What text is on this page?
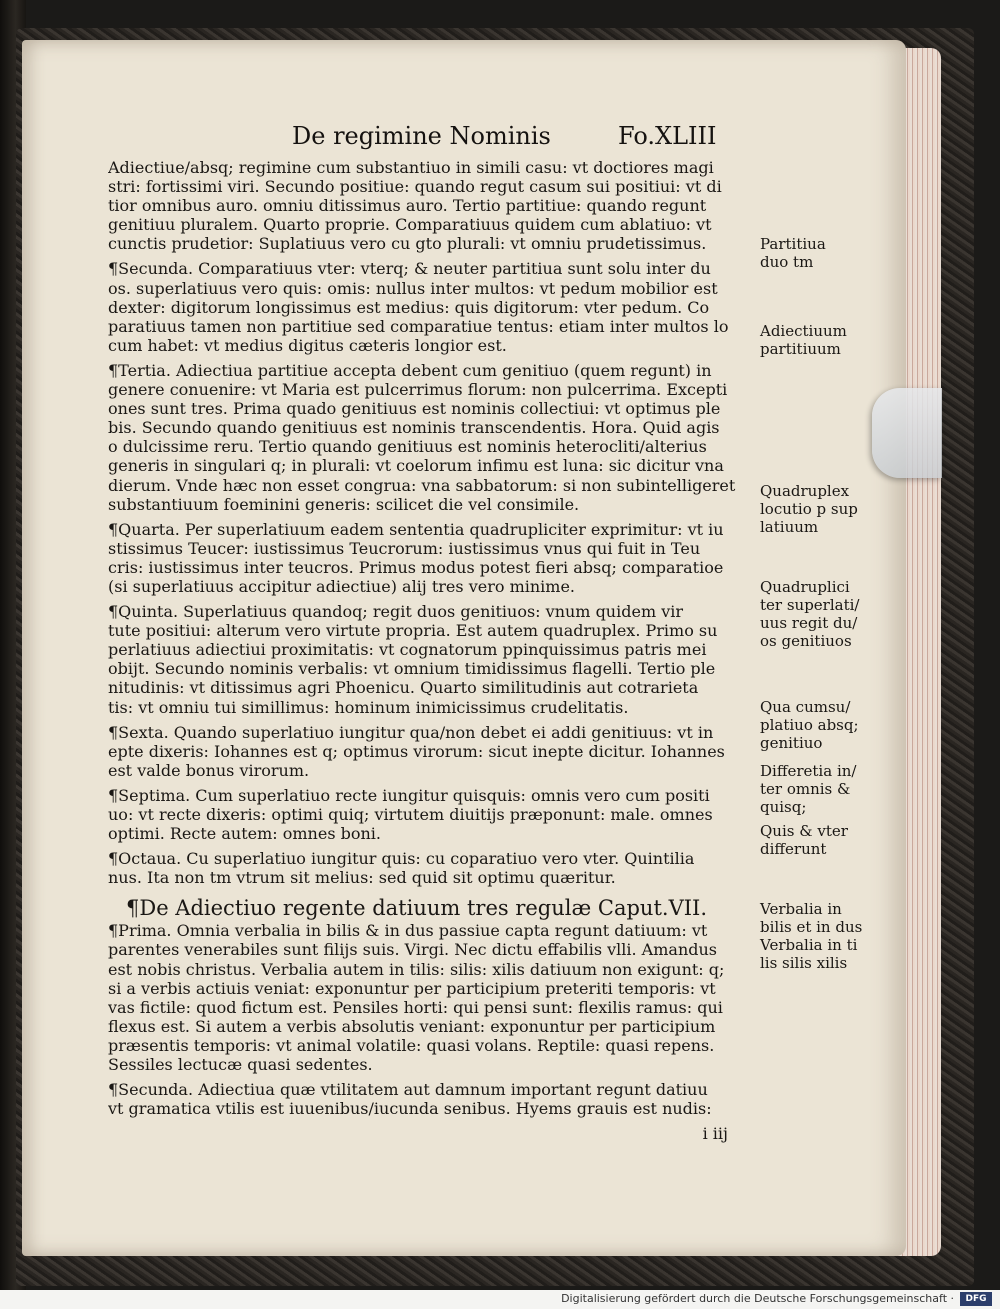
De regimine Nominis	Fo.XLIII
Adiectiue/absq; regimine cum substantiuo in simili casu: vt doctiores magi
stri: fortissimi viri. Secundo positiue: quando regut casum sui positiui: vt di
tior omnibus auro. omniu ditissimus auro. Tertio partitiue: quando regunt
genitiuu pluralem. Quarto proprie. Comparatiuus quidem cum ablatiuo: vt
cunctis prudetior: Suplatiuus vero cu gto plurali: vt omniu prudetissimus.
¶Secunda. Comparatiuus vter: vterq; & neuter partitiua sunt solu inter du
os. superlatiuus vero quis: omis: nullus inter multos: vt pedum mobilior est
dexter: digitorum longissimus est medius: quis digitorum: vter pedum. Co
paratiuus tamen non partitiue sed comparatiue tentus: etiam inter multos lo
cum habet: vt medius digitus cæteris longior est.
¶Tertia. Adiectiua partitiue accepta debent cum genitiuo (quem regunt) in
genere conuenire: vt Maria est pulcerrimus florum: non pulcerrima. Excepti
ones sunt tres. Prima quado genitiuus est nominis collectiui: vt optimus ple
bis. Secundo quando genitiuus est nominis transcendentis. Hora. Quid agis
o dulcissime reru. Tertio quando genitiuus est nominis heterocliti/alterius
generis in singulari q; in plurali: vt coelorum infimu est luna: sic dicitur vna
dierum. Vnde hæc non esset congrua: vna sabbatorum: si non subintelligeret
substantiuum foeminini generis: scilicet die vel consimile.
¶Quarta. Per superlatiuum eadem sententia quadrupliciter exprimitur: vt iu
stissimus Teucer: iustissimus Teucrorum: iustissimus vnus qui fuit in Teu
cris: iustissimus inter teucros. Primus modus potest fieri absq; comparatioe
(si superlatiuus accipitur adiectiue) alij tres vero minime.
¶Quinta. Superlatiuus quandoq; regit duos genitiuos: vnum quidem vir
tute positiui: alterum vero virtute propria. Est autem quadruplex. Primo su
perlatiuus adiectiui proximitatis: vt cognatorum ppinquissimus patris mei
obijt. Secundo nominis verbalis: vt omnium timidissimus flagelli. Tertio ple
nitudinis: vt ditissimus agri Phoenicu. Quarto similitudinis aut cotrarieta
tis: vt omniu tui simillimus: hominum inimicissimus crudelitatis.
¶Sexta. Quando superlatiuo iungitur qua/non debet ei addi genitiuus: vt in
epte dixeris: Iohannes est q; optimus virorum: sicut inepte dicitur. Iohannes
est valde bonus virorum.
¶Septima. Cum superlatiuo recte iungitur quisquis: omnis vero cum positi
uo: vt recte dixeris: optimi quiq; virtutem diuitijs præponunt: male. omnes
optimi. Recte autem: omnes boni.
¶Octaua. Cu superlatiuo iungitur quis: cu coparatiuo vero vter. Quintilia
nus. Ita non tm vtrum sit melius: sed quid sit optimu quæritur.
¶De Adiectiuo regente datiuum tres regulæ Caput.VII.
¶Prima. Omnia verbalia in bilis & in dus passiue capta regunt datiuum: vt
parentes venerabiles sunt filijs suis. Virgi. Nec dictu effabilis vlli. Amandus
est nobis christus. Verbalia autem in tilis: silis: xilis datiuum non exigunt: q;
si a verbis actiuis veniat: exponuntur per participium preteriti temporis: vt
vas fictile: quod fictum est. Pensiles horti: qui pensi sunt: flexilis ramus: qui
flexus est. Si autem a verbis absolutis veniant: exponuntur per participium
præsentis temporis: vt animal volatile: quasi volans. Reptile: quasi repens.
Sessiles lectucæ quasi sedentes.
¶Secunda. Adiectiua quæ vtilitatem aut damnum important regunt datiuu
vt gramatica vtilis est iuuenibus/iucunda senibus. Hyems grauis est nudis:
i iij
Partitiua
duo tm
Adiectiuum
partitiuum
Quadruplex
locutio p sup
latiuum
Quadruplici
ter superlati/
uus regit du/
os genitiuos
Qua cumsu/
platiuo absq;
genitiuo
Differetia in/
ter omnis &
quisq;
Quis & vter
differunt
Verbalia in
bilis et in dus
Verbalia in ti
lis silis xilis
Digitalisierung gefördert durch die Deutsche Forschungsgemeinschaft ·	DFG
